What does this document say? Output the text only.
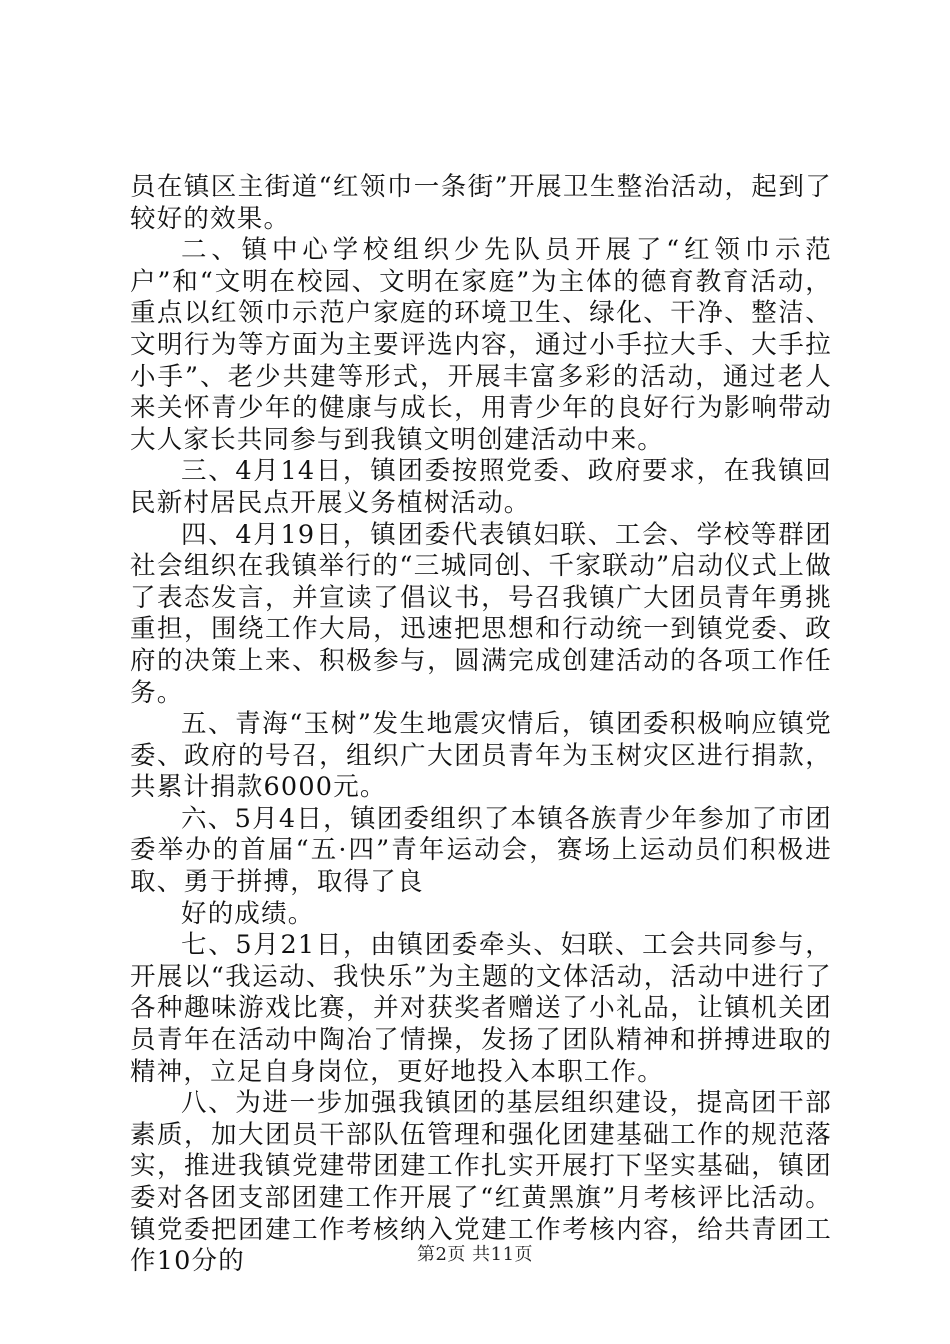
员在镇区主街道“红领巾一条街”开展卫生整治活动，起到了较好的效果。

二、镇中心学校组织少先队员开展了“红领巾示范户”和“文明在校园、文明在家庭”为主体的德育教育活动，重点以红领巾示范户家庭的环境卫生、绿化、干净、整洁、文明行为等方面为主要评选内容，通过小手拉大手、大手拉小手”、老少共建等形式，开展丰富多彩的活动，通过老人来关怀青少年的健康与成长，用青少年的良好行为影响带动大人家长共同参与到我镇文明创建活动中来。

三、4月14日，镇团委按照党委、政府要求，在我镇回民新村居民点开展义务植树活动。

四、4月19日，镇团委代表镇妇联、工会、学校等群团社会组织在我镇举行的“三城同创、千家联动”启动仪式上做了表态发言，并宣读了倡议书，号召我镇广大团员青年勇挑重担，围绕工作大局，迅速把思想和行动统一到镇党委、政府的决策上来、积极参与，圆满完成创建活动的各项工作任务。

五、青海“玉树”发生地震灾情后，镇团委积极响应镇党委、政府的号召，组织广大团员青年为玉树灾区进行捐款，共累计捐款6000元。

六、5月4日，镇团委组织了本镇各族青少年参加了市团委举办的首届“五·四”青年运动会，赛场上运动员们积极进取、勇于拼搏，取得了良

好的成绩。

七、5月21日，由镇团委牵头、妇联、工会共同参与，开展以“我运动、我快乐”为主题的文体活动，活动中进行了各种趣味游戏比赛，并对获奖者赠送了小礼品，让镇机关团员青年在活动中陶冶了情操，发扬了团队精神和拼搏进取的精神，立足自身岗位，更好地投入本职工作。

八、为进一步加强我镇团的基层组织建设，提高团干部素质，加大团员干部队伍管理和强化团建基础工作的规范落实，推进我镇党建带团建工作扎实开展打下坚实基础，镇团委对各团支部团建工作开展了“红黄黑旗”月考核评比活动。镇党委把团建工作考核纳入党建工作考核内容，给共青团工作10分的	第2页 共11页
